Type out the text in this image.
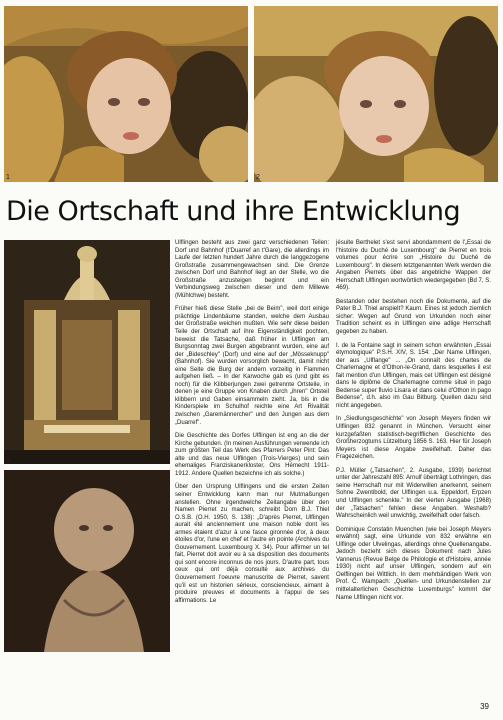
1	2
Die Ortschaft und ihre Entwicklung
3
4

Ulflingen besteht aus zwei ganz verschiedenen Teilen: Dorf und Bahnhof (t'Duarref an t'Gare), die allerdings im Laufe der letzten hundert Jahre durch die langgezogene Großstraße zusammengewachsen sind. Die Grenze zwischen Dorf und Bahnhof liegt an der Stelle, wo die Großstraße anzusteigen beginnt und ein Verbindungsweg zwischen dieser und dem Millewe (Mühlchwe) besteht.

Früher hieß diese Stelle „bei de Beim", weil dort einige prächtige Lindenbäume standen, welche dem Ausbau der Großstraße weichen mußten. Wie sehr diese beiden Teile der Ortschaft auf ihre Eigenständigkeit pochten, beweist die Tatsache, daß früher in Ulflingen am Burgsonntag zwei Burgen abgebrannt wurden, eine auf der „Bideschley" (Dorf) und eine auf der „Mösseknupp" (Bahnhof). Sie wurden vorsorglich bewacht, damit nicht eine Seite die Burg der andern vorzeitig in Flammen aufgehen ließ. – In der Karwoche gab es (und gibt es noch) für die Klibberjungen zwei getrennte Ortsteile, in denen je eine Gruppe von Knaben durch „ihren" Ortsteil klibbern und Gaben einsammeln zieht. Ja, bis in die Kinderspiele im Schulhof reichte eine Art Rivalität zwischen „Garemännercher" und den Jungen aus dem „Duarref".

Die Geschichte des Dorfes Ulflingen ist eng an die der Kirche gebunden. (In meinen Ausführungen verwende ich zum größten Teil das Werk des Pfarrers Peter Pint: Das alte und das neue Ulflingen (Trois-Vierges) und sein ehemaliges Franziskanerkloster, Ons Hémecht 1911-1912. Andere Quellen bezeichne ich als solche.)

Über den Ursprung Ulflingens und die ersten Zeiten seiner Entwicklung kann man nur Mutmaßungen anstellen. Ohne irgendwelche Zeitangabe über den Namen Pierret zu machen, schreibt Dom B.J. Thiel O.S.B. (O.H. 1950, S. 138): „D'après Pierret, Ulflingen aurait été anciennement une maison noble dont les armes étaient d'azur à une fasce gironnée d'or, à deux étoiles d'or, l'une en chef et l'autre en pointe (Archives du Gouvernement. Luxembourg X. 34). Pour affirmer un tel fait, Pierret doit avoir eu à sa disposition des documents qui sont encore inconnus de nos jours. D'autre part, tous ceux qui ont déjà consulté aux archives du Gouvernement l'oeuvre manuscrite de Pierret, savent qu'il est un historien sérieux, consciencieux, aimant à produire preuves et documents à l'appui de ses affirmations. Le

jésuite Berthelet s'est servi abondamment de l'„Essai de l'histoire du Duché de Luxembourg" de Pierret en trois volumes pour écrire son „Histoire du Duché de Luxembourg". In diesem letztgenannten Werk werden die Angaben Pierrets über das angebliche Wappen der Herrschaft Ulflingen wortwörtlich wiedergegeben (Bd 7, S. 469).

Bestanden oder bestehen noch die Dokumente, auf die Pater B.J. Thiel anspielt? Kaum. Eines ist jedoch ziemlich sicher: Wegen auf Grund von Urkunden noch einer Tradition scheint es in Ulflingen eine adlige Herrschaft gegeben zu haben.

I. de la Fontaine sagt in seinem schon erwähnten „Essai étymologique" P.S.H. XIV, S. 154: „Der Name Ulflingen, der aus „Ulflange" ... „On connaît des chartes de Charlemagne et d'Othon-le-Grand, dans lesquelles il est fait mention d'un Ulflingen, mais cet Ulflingen est désigné dans le diplôme de Charlemagne comme situé in pago Bedense super fluvio Lisara et dans celui d'Othon in pago Bedense", d.h. also im Gau Bitburg. Quellen dazu sind nicht angegeben.

In „Siedlungsgeschichte" von Joseph Meyers finden wir Ulflingen 832 genannt in München. Versucht einer kurzgefaßten statistisch-begrifflichen Geschichte des Großherzogtums Lützelburg 1856 S. 163. Hier für Joseph Meyers ist diese Angabe zweifelhaft. Daher das Fragezeichen.

P.J. Müller („Tatsachen", 2. Ausgabe, 1939) berichtet unter der Jahreszahl 895: Arnulf überträgt Lothringen, das seine Herrschaft nur mit Widerwillen anerkennt, seinem Sohne Zwentibold, der Ulflingen u.a. Eppeldorf, Erpzen und Ulflingen schenkte." In der vierten Ausgabe (1968) der „Tatsachen" fehlen diese Angaben. Weshalb? Wahrscheinlich weil unwichtig, zweifelhaft oder falsch.

Dominique Constatin Muenchen (wie bei Joseph Meyers erwähnt) sagt, eine Urkunde von 832 erwähne ein Ulflinge oder Ulvelingas, allerdings ohne Quellenangabe. Jedoch bezieht sich dieses Dokument nach Jules Vannerus (Revue Belge de Philologie et d'Histoire, année 1930) nicht auf unser Ulflingen, sondern auf ein Oelflingen bei Wittlich. In dem mehrbändigen Werk von Prof. C. Wampach: „Quellen- und Urkundenstellen zur mittelalterlichen Geschichte Luxemburgs" kommt der Name Ulflingen nicht vor.

39
